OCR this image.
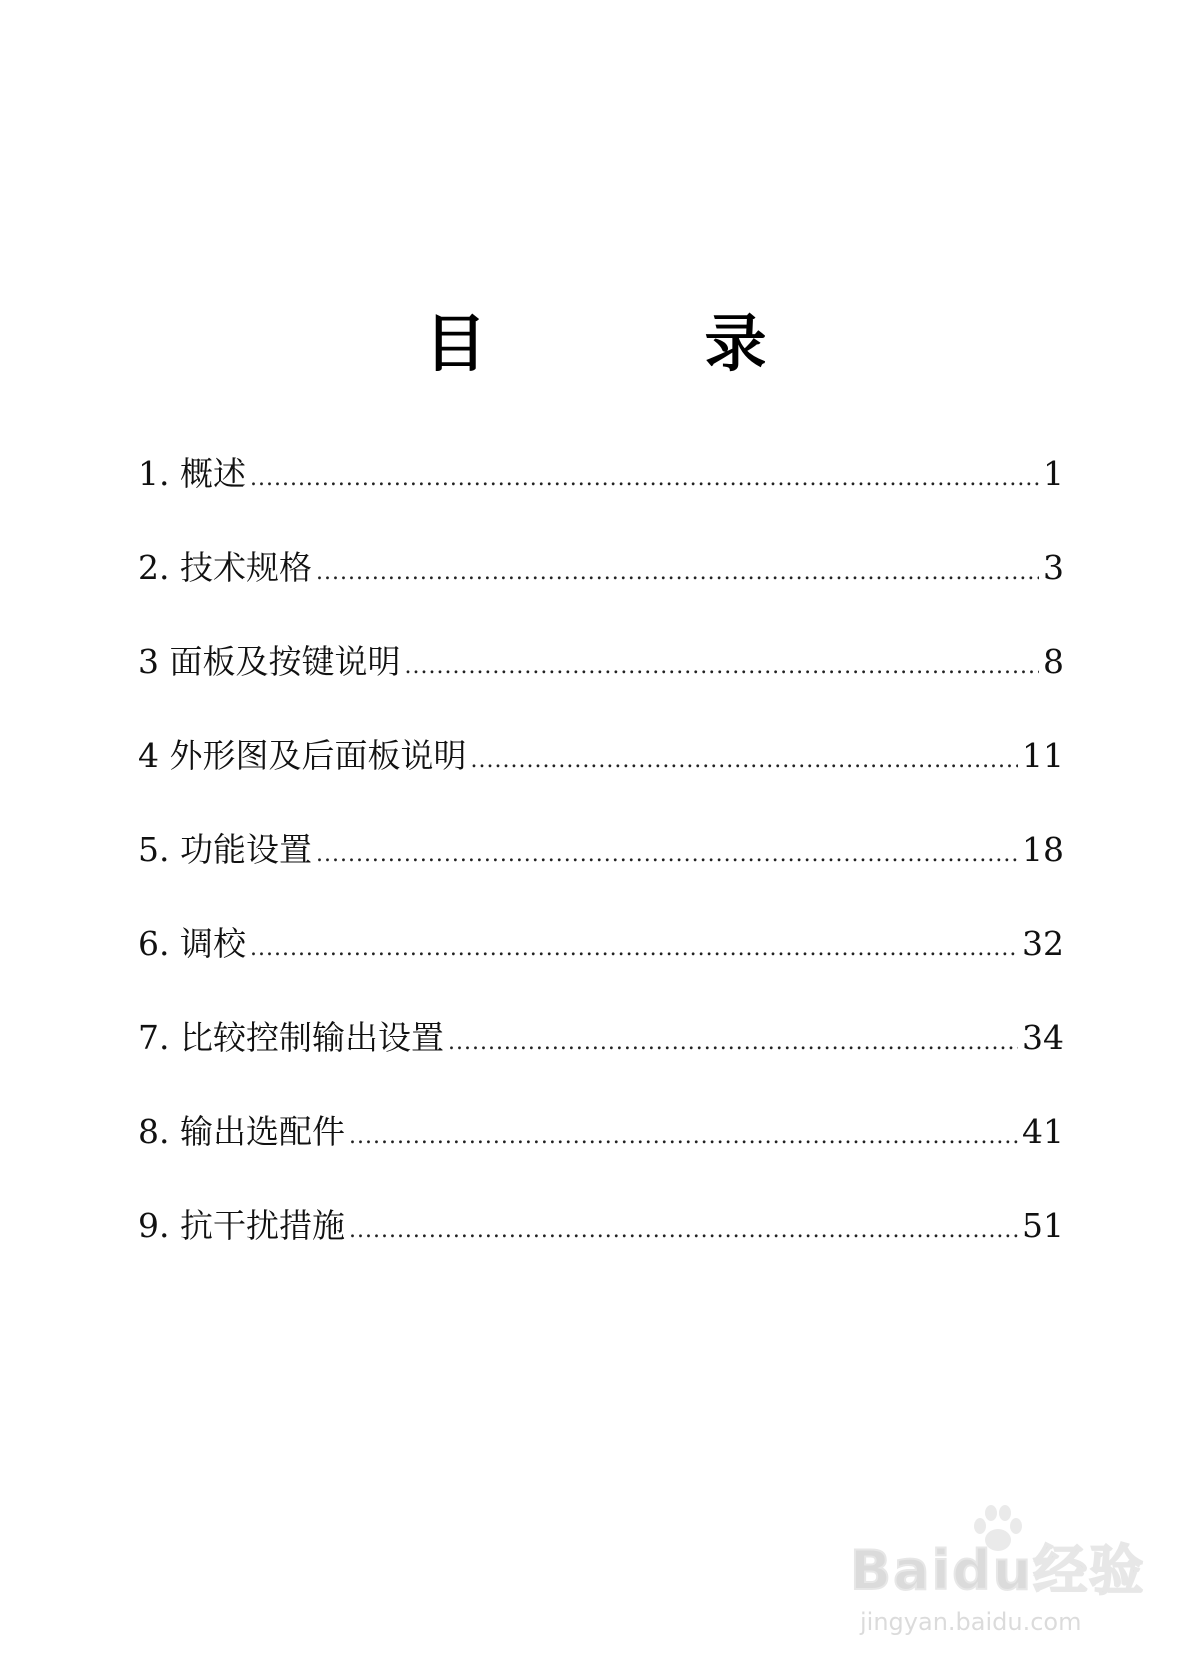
目　录
1. 概述 .....	1
2. 技术规格 .....	3
3 面板及按键说明 .....	8
4 外形图及后面板说明 .....	11
5. 功能设置 .....	18
6. 调校 .....	32
7. 比较控制输出设置 .....	34
8. 输出选配件 .....	41
9. 抗干扰措施 .....	51
Baidu经验
jingyan.baidu.com
